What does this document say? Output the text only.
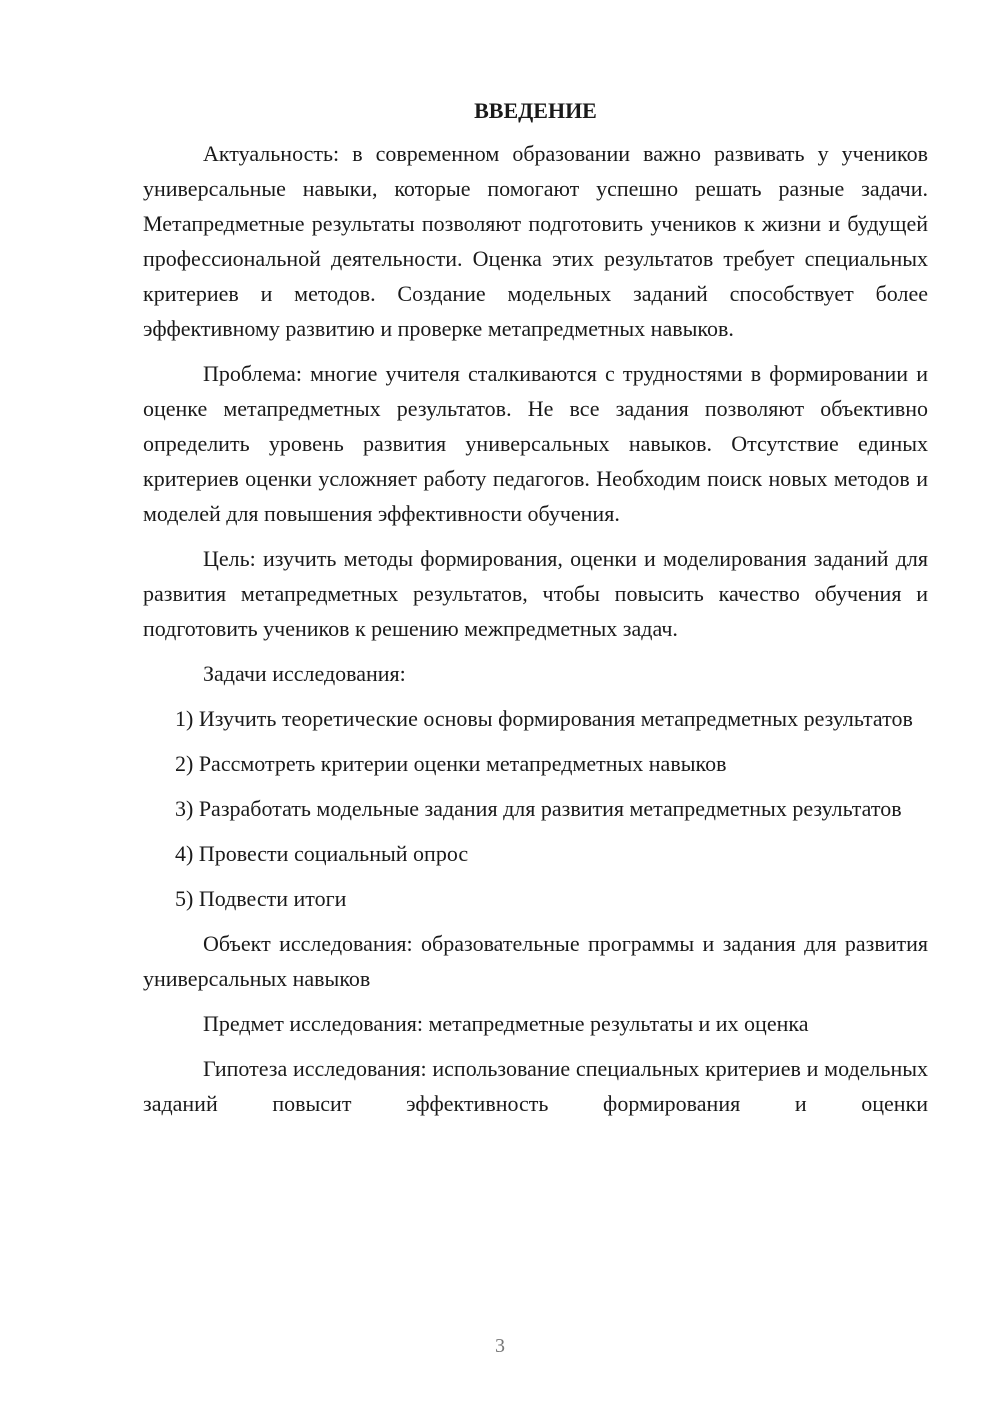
ВВЕДЕНИЕ

Актуальность: в современном образовании важно развивать у учеников универсальные навыки, которые помогают успешно решать разные задачи. Метапредметные результаты позволяют подготовить учеников к жизни и будущей профессиональной деятельности. Оценка этих результатов требует специальных критериев и методов. Создание модельных заданий способствует более эффективному развитию и проверке метапредметных навыков.

Проблема: многие учителя сталкиваются с трудностями в формировании и оценке метапредметных результатов. Не все задания позволяют объективно определить уровень развития универсальных навыков. Отсутствие единых критериев оценки усложняет работу педагогов. Необходим поиск новых методов и моделей для повышения эффективности обучения.

Цель: изучить методы формирования, оценки и моделирования заданий для развития метапредметных результатов, чтобы повысить качество обучения и подготовить учеников к решению межпредметных задач.

Задачи исследования:

1) Изучить теоретические основы формирования метапредметных результатов

2) Рассмотреть критерии оценки метапредметных навыков

3) Разработать модельные задания для развития метапредметных результатов

4) Провести социальный опрос

5) Подвести итоги

Объект исследования: образовательные программы и задания для развития универсальных навыков

Предмет исследования: метапредметные результаты и их оценка

Гипотеза исследования: использование специальных критериев и модельных заданий повысит эффективность формирования и оценки

3
